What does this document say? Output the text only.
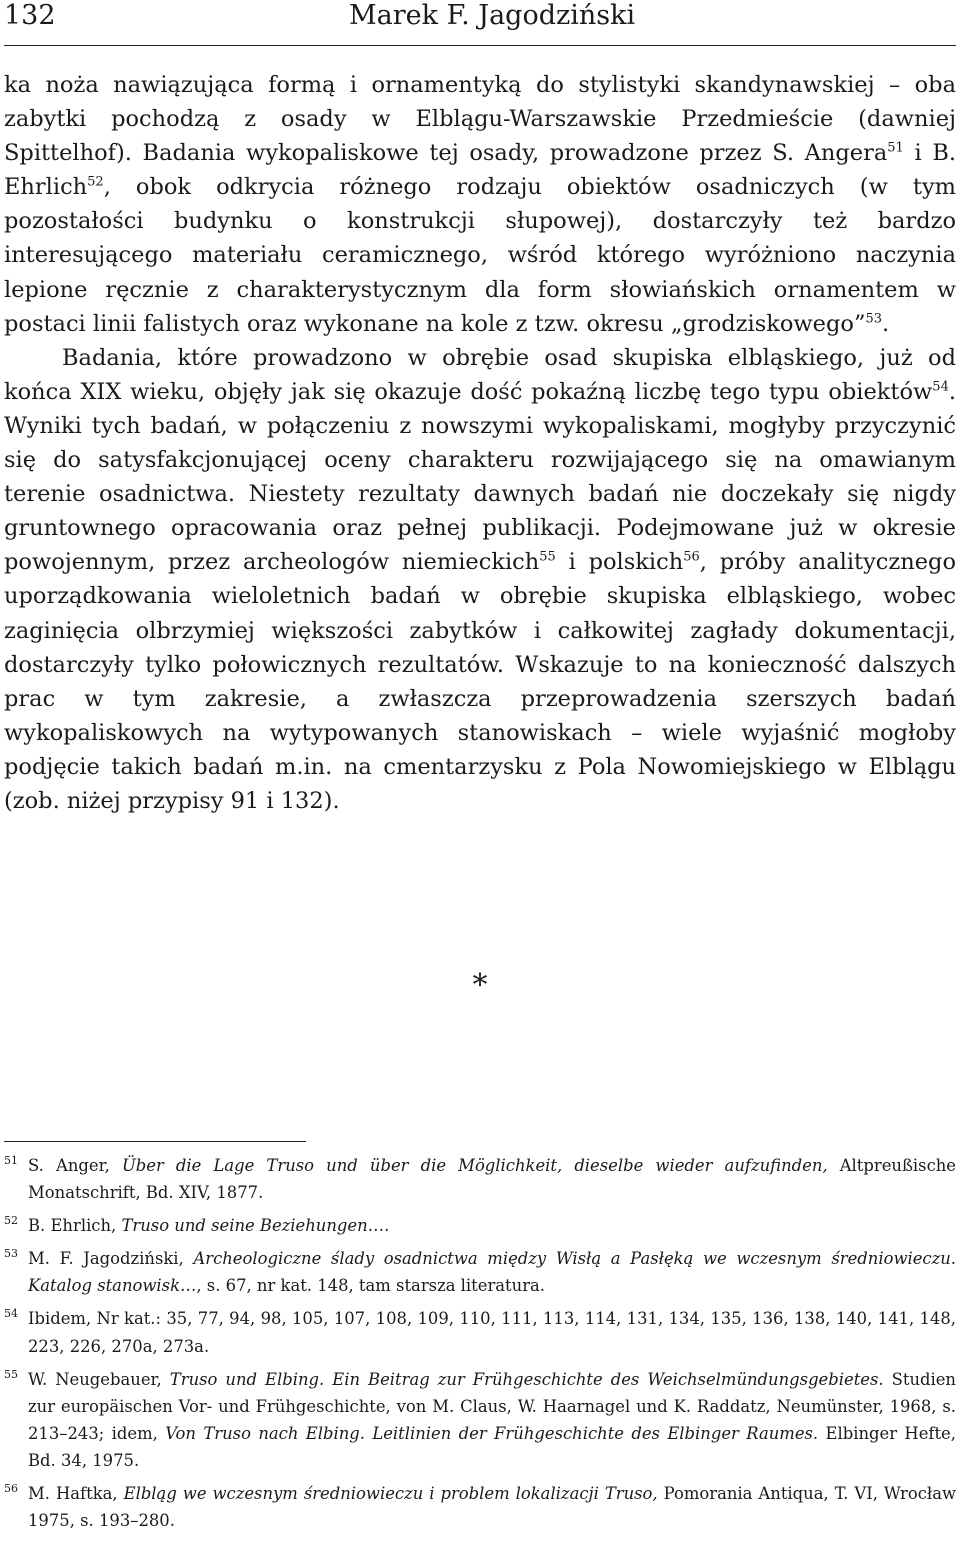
132	Marek F. Jagodziński

ka noża nawiązująca formą i ornamentyką do stylistyki skandynawskiej – oba zabytki pochodzą z osady w Elblągu-Warszawskie Przedmieście (dawniej Spittelhof). Badania wykopaliskowe tej osady, prowadzone przez S. Angera$^{51}$ i B. Ehrlich$^{52}$, obok odkrycia różnego rodzaju obiektów osadniczych (w tym pozostałości budynku o konstrukcji słupowej), dostarczyły też bardzo interesującego materiału ceramicznego, wśród którego wyróżniono naczynia lepione ręcznie z charakterystycznym dla form słowiańskich ornamentem w postaci linii falistych oraz wykonane na kole z tzw. okresu „grodziskowego”$^{53}$.

Badania, które prowadzono w obrębie osad skupiska elbląskiego, już od końca XIX wieku, objęły jak się okazuje dość pokaźną liczbę tego typu obiektów$^{54}$. Wyniki tych badań, w połączeniu z nowszymi wykopaliskami, mogłyby przyczynić się do satysfakcjonującej oceny charakteru rozwijającego się na omawianym terenie osadnictwa. Niestety rezultaty dawnych badań nie doczekały się nigdy gruntownego opracowania oraz pełnej publikacji. Podejmowane już w okresie powojennym, przez archeologów niemieckich$^{55}$ i polskich$^{56}$, próby analitycznego uporządkowania wieloletnich badań w obrębie skupiska elbląskiego, wobec zaginięcia olbrzymiej większości zabytków i całkowitej zagłady dokumentacji, dostarczyły tylko połowicznych rezultatów. Wskazuje to na konieczność dalszych prac w tym zakresie, a zwłaszcza przeprowadzenia szerszych badań wykopaliskowych na wytypowanych stanowiskach – wiele wyjaśnić mogłoby podjęcie takich badań m.in. na cmentarzysku z Pola Nowomiejskiego w Elblągu (zob. niżej przypisy 91 i 132).

*
51 S. Anger, Über die Lage Truso und über die Möglichkeit, dieselbe wieder aufzufinden, Altpreußische Monatschrift, Bd. XIV, 1877.
52 B. Ehrlich, Truso und seine Beziehungen….
53 M. F. Jagodziński, Archeologiczne ślady osadnictwa między Wisłą a Pasłęką we wczesnym średniowieczu. Katalog stanowisk…, s. 67, nr kat. 148, tam starsza literatura.
54 Ibidem, Nr kat.: 35, 77, 94, 98, 105, 107, 108, 109, 110, 111, 113, 114, 131, 134, 135, 136, 138, 140, 141, 148, 223, 226, 270a, 273a.
55 W. Neugebauer, Truso und Elbing. Ein Beitrag zur Frühgeschichte des Weichselmündungsgebietes. Studien zur europäischen Vor- und Frühgeschichte, von M. Claus, W. Haarnagel und K. Raddatz, Neumünster, 1968, s. 213–243; idem, Von Truso nach Elbing. Leitlinien der Frühgeschichte des Elbinger Raumes. Elbinger Hefte, Bd. 34, 1975.
56 M. Haftka, Elbląg we wczesnym średniowieczu i problem lokalizacji Truso, Pomorania Antiqua, T. VI, Wrocław 1975, s. 193–280.
